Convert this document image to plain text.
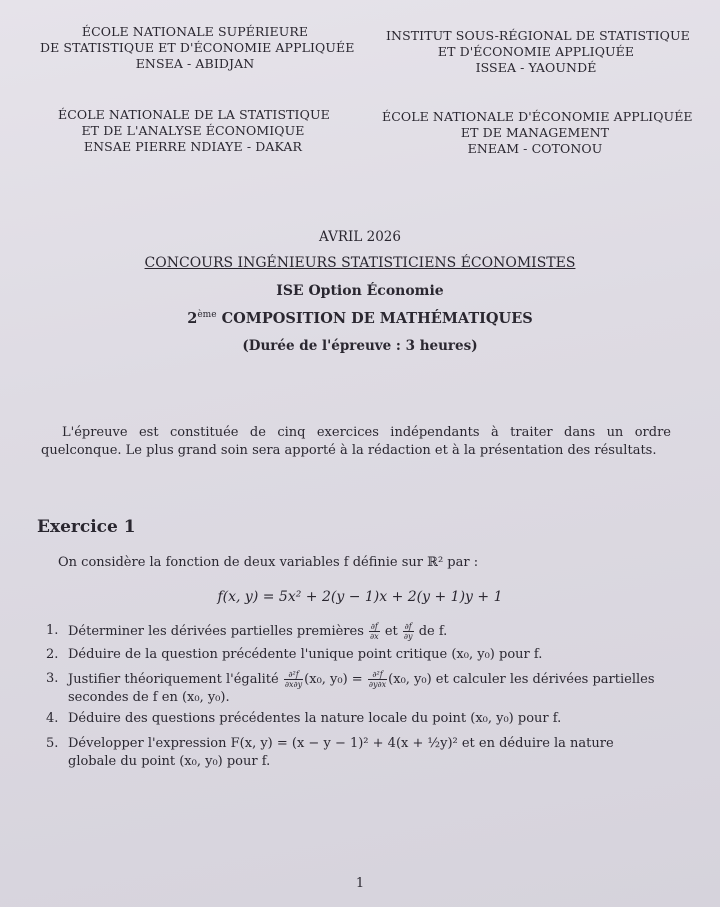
ÉCOLE NATIONALE SUPÉRIEURE
DE STATISTIQUE ET D'ÉCONOMIE APPLIQUÉE
ENSEA - ABIDJAN
INSTITUT SOUS-RÉGIONAL DE STATISTIQUE
ET D'ÉCONOMIE APPLIQUÉE
ISSEA - YAOUNDÉ
ÉCOLE NATIONALE DE LA STATISTIQUE
ET DE L'ANALYSE ÉCONOMIQUE
ENSAE PIERRE NDIAYE - DAKAR
ÉCOLE NATIONALE D'ÉCONOMIE APPLIQUÉE
ET DE MANAGEMENT
ENEAM - COTONOU
AVRIL 2026
CONCOURS INGÉNIEURS STATISTICIENS ÉCONOMISTES
ISE Option Économie
2ème COMPOSITION DE MATHÉMATIQUES
(Durée de l'épreuve : 3 heures)
L'épreuve est constituée de cinq exercices indépendants à traiter dans un ordre quelconque. Le plus grand soin sera apporté à la rédaction et à la présentation des résultats.
Exercice 1
On considère la fonction de deux variables f définie sur ℝ² par :
f(x, y) = 5x² + 2(y − 1)x + 2(y + 1)y + 1
1. Déterminer les dérivées partielles premières $\frac{\partial f}{\partial x}$ et $\frac{\partial f}{\partial y}$ de f.
2. Déduire de la question précédente l'unique point critique (x₀, y₀) pour f.
3. Justifier théoriquement l'égalité $\frac{\text{∂²f}}{\partial x\partial y} (x_0$, $y_0) = \frac{\text{∂²f}}{\partial y\partial x} (x_0$, y₀) et calculer les dérivées partielles secondes de f en (x₀, y₀).
4. Déduire des questions précédentes la nature locale du point (x₀, y₀) pour f.
5. Développer l'expression F(x, y) = (x − y − 1)² + 4(x + ½y)² et en déduire la nature globale du point (x₀, y₀) pour f.
1
